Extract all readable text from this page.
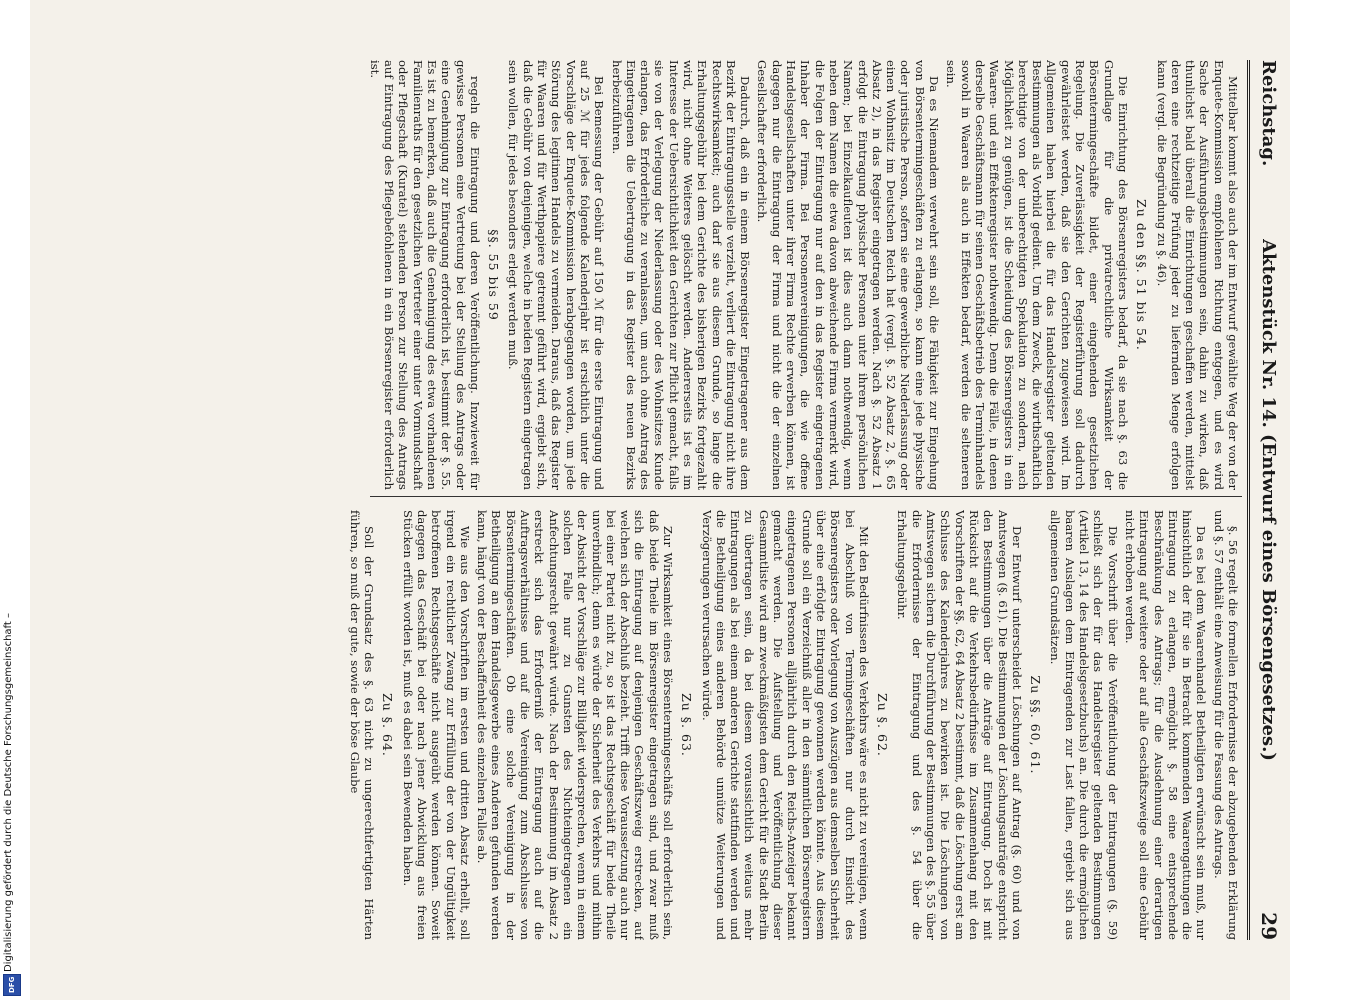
Digitalisierung gefördert durch die Deutsche Forschungsgemeinschaft –
DFG
Reichstag.
Aktenstück Nr. 14. (Entwurf eines Börsengesetzes.)
29

Mittelbar kommt also auch der im Entwurf gewählte Weg der von der Enquete-Kommission empfohlenen Richtung entgegen, und es wird Sache der Ausführungsbestimmungen sein, dahin zu wirken, daß thunlichst bald überall die Einrichtungen geschaffen werden, mittelst deren eine rechtzeitige Prüfung jeder zu liefernden Menge erfolgen kann (vergl. die Begründung zu §. 46).

Zu den §§. 51 bis 54.

Die Einrichtung des Börsenregisters bedarf, da sie nach §. 63 die Grundlage für die privatrechtliche Wirksamkeit der Börsentermingeschäfte bildet, einer eingehenden gesetzlichen Regelung. Die Zuverlässigkeit der Registerführung soll dadurch gewährleistet werden, daß sie den Gerichten zugewiesen wird. Im Allgemeinen haben hierbei die für das Handelsregister geltenden Bestimmungen als Vorbild gedient. Um dem Zweck, die wirthschaftlich berechtigte von der unberechtigten Spekulation zu sondern, nach Möglichkeit zu genügen, ist die Scheidung des Börsenregisters in ein Waaren- und ein Effektenregister nothwendig. Denn die Fälle, in denen derselbe Geschäftsmann für seinen Geschäftsbetrieb des Terminhandels sowohl in Waaren als auch in Effekten bedarf, werden die selteneren sein.

Da es Niemandem verwehrt sein soll, die Fähigkeit zur Eingehung von Börsentermingeschäften zu erlangen, so kann eine jede physische oder juristische Person, sofern sie eine gewerbliche Niederlassung oder einen Wohnsitz im Deutschen Reich hat (vergl. §. 52 Absatz 2, §. 65 Absatz 2), in das Register eingetragen werden. Nach §. 52 Absatz 1 erfolgt die Eintragung physischer Personen unter ihrem persönlichen Namen; bei Einzelkaufleuten ist dies auch dann nothwendig, wenn neben dem Namen die etwa davon abweichende Firma vermerkt wird, die Folgen der Eintragung nur auf den in das Register eingetragenen Inhaber der Firma. Bei Personenvereinigungen, die wie offene Handelsgesellschaften unter ihrer Firma Rechte erwerben können, ist dagegen nur die Eintragung der Firma und nicht die der einzelnen Gesellschafter erforderlich.

Dadurch, daß ein in einem Börsenregister Eingetragener aus dem Bezirk der Eintragungsstelle verzieht, verliert die Eintragung nicht ihre Rechtswirksamkeit; auch darf sie aus diesem Grunde, so lange die Erhaltungsgebühr bei dem Gerichte des bisherigen Bezirks fortgezahlt wird, nicht ohne Weiteres gelöscht werden. Andererseits ist es im Interesse der Uebersichtlichkeit den Gerichten zur Pflicht gemacht, falls sie von der Verlegung der Niederlassung oder des Wohnsitzes Kunde erlangen, das Erforderliche zu veranlassen, um auch ohne Antrag des Eingetragenen die Uebertragung in das Register des neuen Bezirks herbeizuführen.

Bei Bemessung der Gebühr auf 150 ℳ für die erste Eintragung und auf 25 ℳ für jedes folgende Kalenderjahr ist ersichtlich unter die Vorschläge der Enquete-Kommission herabgegangen worden, um jede Störung des legitimen Handels zu vermeiden. Daraus, daß das Register für Waaren und für Werthpapiere getrennt geführt wird, ergiebt sich, daß die Gebühr von denjenigen, welche in beiden Registern eingetragen sein wollen, für jedes besonders erlegt werden muß.

§§. 55 bis 59

regeln die Eintragung und deren Veröffentlichung. Inzwieweit für gewisse Personen eine Vertretung bei der Stellung des Antrags oder eine Genehmigung zur Eintragung erforderlich ist, bestimmt der §. 55. Es ist zu bemerken, daß auch die Genehmigung des etwa vorhandenen Familienraths für den gesetzlichen Vertreter einer unter Vormundschaft oder Pflegschaft (Kuratel) stehenden Person zur Stellung des Antrags auf Eintragung des Pflegebefohlenen in ein Börsenregister erforderlich ist.

§. 56 regelt die formellen Erfordernisse der abzugebenden Erklärung und §. 57 enthält eine Anweisung für die Fassung des Antrags.

Da es bei dem Waarenhandel Betheiligten erwünscht sein muß, nur hinsichtlich der für sie in Betracht kommenden Waarengattungen die Eintragung zu erlangen, ermöglicht §. 58 eine entsprechende Beschränkung des Antrags; für die Ausdehnung einer derartigen Eintragung auf weitere oder auf alle Geschäftszweige soll eine Gebühr nicht erhoben werden.

Die Vorschrift über die Veröffentlichung der Eintragungen (§. 59) schließt sich der für das Handelsregister geltenden Bestimmungen (Artikel 13, 14 des Handelsgesetzbuchs) an. Die durch die ermöglichen baaren Auslagen dem Eintragenden zur Last fallen, ergiebt sich aus allgemeinen Grundsätzen.

Zu §§. 60, 61.

Der Entwurf unterscheidet Löschungen auf Antrag (§. 60) und von Amtswegen (§. 61). Die Bestimmungen der Löschungsanträge entspricht den Bestimmungen über die Anträge auf Eintragung. Doch ist mit Rücksicht auf die Verkehrsbedürfnisse im Zusammenhang mit den Vorschriften der §§. 62, 64 Absatz 2 bestimmt, daß die Löschung erst am Schlusse des Kalenderjahres zu bewirken ist. Die Löschungen von Amtswegen sichern die Durchführung der Bestimmungen des §. 55 über die Erfordernisse der Eintragung und des §. 54 über die Erhaltungsgebühr.

Zu §. 62.

Mit den Bedürfnissen des Verkehrs wäre es nicht zu vereinigen, wenn bei Abschluß von Termingeschäften nur durch Einsicht des Börsenregisters oder Vorlegung von Auszügen aus demselben Sicherheit über eine erfolgte Eintragung gewonnen werden könnte. Aus diesem Grunde soll ein Verzeichniß aller in den sämmtlichen Börsenregistern eingetragenen Personen alljährlich durch den Reichs-Anzeiger bekannt gemacht werden. Die Aufstellung und Veröffentlichung dieser Gesammtliste wird am zweckmäßigsten dem Gericht für die Stadt Berlin zu übertragen sein, da bei diesem voraussichtlich weitaus mehr Eintragungen als bei einem anderen Gerichte stattfinden werden und die Betheiligung eines anderen Behörde unnütze Weiterungen und Verzögerungen verursachen würde.

Zu §. 63.

Zur Wirksamkeit eines Börsentermingeschäfts soll erforderlich sein, daß beide Theile im Börsenregister eingetragen sind, und zwar muß sich die Eintragung auf denjenigen Geschäftszweig erstrecken, auf welchen sich der Abschluß bezieht. Trifft diese Voraussetzung auch nur bei einer Partei nicht zu, so ist das Rechtsgeschäft für beide Theile unverbindlich; denn es würde der Sicherheit des Verkehrs und mithin der Absicht der Vorschläge zur Billigkeit widersprechen, wenn in einem solchen Falle nur zu Gunsten des Nichteingetragenen ein Anfechtungsrecht gewährt würde. Nach der Bestimmung im Absatz 2 erstreckt sich das Erforderniß der Eintragung auch auf die Auftragsverhältnisse und auf die Vereinigung zum Abschlusse von Börsentermingeschäften. Ob eine solche Vereinigung in der Betheiligung an dem Handelsgewerbe eines Anderen gefunden werden kann, hängt von der Beschaffenheit des einzelnen Falles ab.

Wie aus den Vorschriften im ersten und dritten Absatz erhellt, soll irgend ein rechtlicher Zwang zur Erfüllung der von der Ungültigkeit betroffenen Rechtsgeschäfte nicht ausgeübt werden können. Soweit dagegen das Geschäft bei oder nach jener Abwicklung aus freien Stücken erfüllt worden ist, muß es dabei sein Bewenden haben.

Zu §. 64.

Soll der Grundsatz des §. 63 nicht zu ungerechtfertigten Härten führen, so muß der gute, sowie der böse Glaube
